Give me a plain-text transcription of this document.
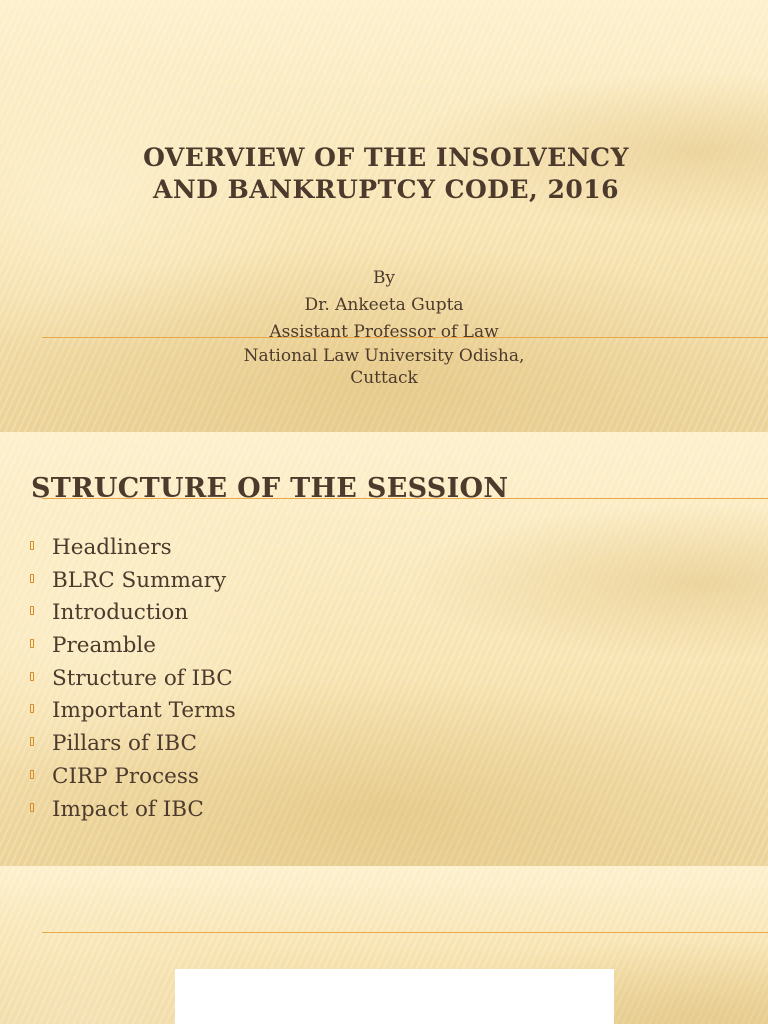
OVERVIEW OF THE INSOLVENCY
AND BANKRUPTCY CODE, 2016
By
Dr. Ankeeta Gupta
Assistant Professor of Law
National Law University Odisha,
Cuttack
STRUCTURE OF THE SESSION
Headliners
BLRC Summary
Introduction
Preamble
Structure of IBC
Important Terms
Pillars of IBC
CIRP Process
Impact of IBC
